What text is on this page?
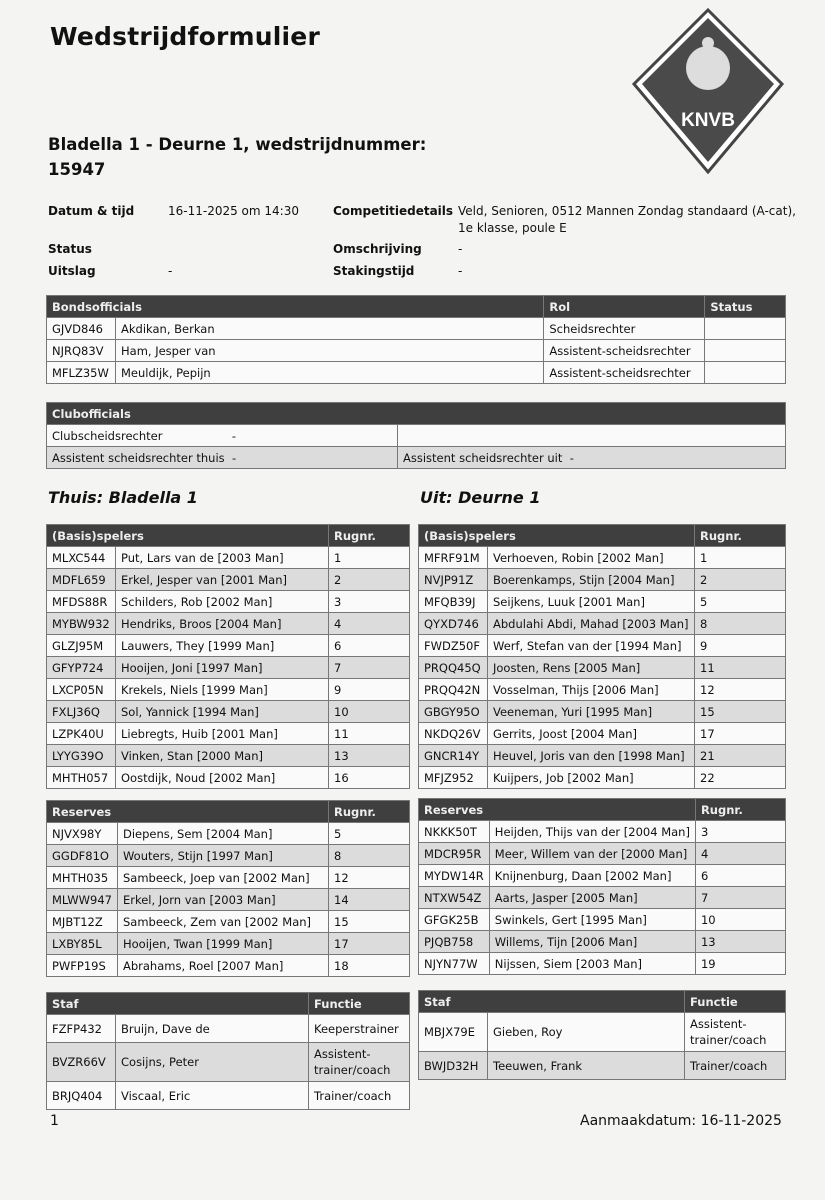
Wedstrijdformulier
KNVB
Bladella 1 - Deurne 1, wedstrijdnummer:
15947
Datum & tijd	16-11-2025 om 14:30
Status
Uitslag	-
Competitiedetails Veld, Senioren, 0512 Mannen Zondag standaard (A-cat),
1e klasse, poule E
Omschrijving	-
Stakingstijd	-
Bondsofficials		Rol	Status
GJVD846	Akdikan, Berkan	Scheidsrechter	
NJRQ83V	Ham, Jesper van	Assistent-scheidsrechter	
MFLZ35W	Meuldijk, Pepijn	Assistent-scheidsrechter	
Clubofficials	
Clubscheidsrechter -	
Assistent scheidsrechter thuis -	Assistent scheidsrechter uit -
Thuis: Bladella 1	Uit: Deurne 1
(Basis)spelers		Rugnr.
MLXC544	Put, Lars van de [2003 Man]	1
MDFL659	Erkel, Jesper van [2001 Man]	2
MFDS88R	Schilders, Rob [2002 Man]	3
MYBW932	Hendriks, Broos [2004 Man]	4
GLZJ95M	Lauwers, They [1999 Man]	6
GFYP724	Hooijen, Joni [1997 Man]	7
LXCP05N	Krekels, Niels [1999 Man]	9
FXLJ36Q	Sol, Yannick [1994 Man]	10
LZPK40U	Liebregts, Huib [2001 Man]	11
LYYG39O	Vinken, Stan [2000 Man]	13
MHTH057	Oostdijk, Noud [2002 Man]	16
(Basis)spelers		Rugnr.
MFRF91M	Verhoeven, Robin [2002 Man]	1
NVJP91Z	Boerenkamps, Stijn [2004 Man]	2
MFQB39J	Seijkens, Luuk [2001 Man]	5
QYXD746	Abdulahi Abdi, Mahad [2003 Man]	8
FWDZ50F	Werf, Stefan van der [1994 Man]	9
PRQQ45Q	Joosten, Rens [2005 Man]	11
PRQQ42N	Vosselman, Thijs [2006 Man]	12
GBGY95O	Veeneman, Yuri [1995 Man]	15
NKDQ26V	Gerrits, Joost [2004 Man]	17
GNCR14Y	Heuvel, Joris van den [1998 Man]	21
MFJZ952	Kuijpers, Job [2002 Man]	22
Reserves		Rugnr.
NJVX98Y	Diepens, Sem [2004 Man]	5
GGDF81O	Wouters, Stijn [1997 Man]	8
MHTH035	Sambeeck, Joep van [2002 Man]	12
MLWW947	Erkel, Jorn van [2003 Man]	14
MJBT12Z	Sambeeck, Zem van [2002 Man]	15
LXBY85L	Hooijen, Twan [1999 Man]	17
PWFP19S	Abrahams, Roel [2007 Man]	18
Reserves		Rugnr.
NKKK50T	Heijden, Thijs van der [2004 Man]	3
MDCR95R	Meer, Willem van der [2000 Man]	4
MYDW14R	Knijnenburg, Daan [2002 Man]	6
NTXW54Z	Aarts, Jasper [2005 Man]	7
GFGK25B	Swinkels, Gert [1995 Man]	10
PJQB758	Willems, Tijn [2006 Man]	13
NJYN77W	Nijssen, Siem [2003 Man]	19
Staf		Functie
FZFP432	Bruijn, Dave de	Keeperstrainer
BVZR66V	Cosijns, Peter	Assistent-trainer/coach
BRJQ404	Viscaal, Eric	Trainer/coach
Staf		Functie
MBJX79E	Gieben, Roy	Assistent-trainer/coach
BWJD32H	Teeuwen, Frank	Trainer/coach
1	Aanmaakdatum: 16-11-2025
